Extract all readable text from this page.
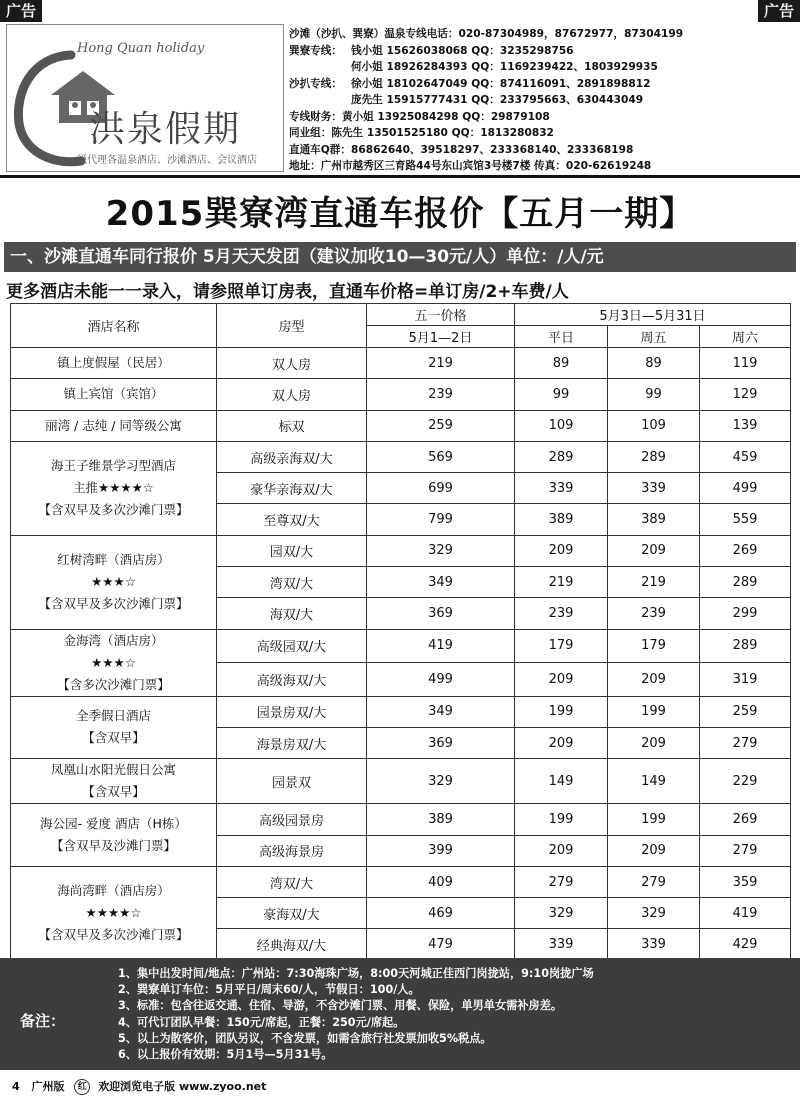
广告	广告
Hong Quan holiday
洪泉假期
一级代理各温泉酒店、沙滩酒店、会议酒店
沙滩（沙扒、巽寮）温泉专线电话：020-87304989，87672977，87304199
巽寮专线： 钱小姐 15626038068 QQ：3235298756
何小姐 18926284393 QQ：1169239422、1803929935
沙扒专线： 徐小姐 18102647049 QQ：874116091、2891898812
庞先生 15915777431 QQ：233795663、630443049
专线财务：黄小姐 13925084298 QQ：29879108
同业组：陈先生 13501525180 QQ：1813280832
直通车Q群：86862640、39518297、233368140、233368198
地址：广州市越秀区三育路44号东山宾馆3号楼7楼 传真：020-62619248
2015巽寮湾直通车报价【五月一期】
一、沙滩直通车同行报价 5月天天发团（建议加收10—30元/人）单位：/人/元
更多酒店未能一一录入，请参照单订房表，直通车价格=单订房/2+车费/人
酒店名称	房型	五一价格	5月3日—5月31日		
		5月1—2日	平日	周五	周六

镇上度假屋（民居）	双人房	219	89	89	119

镇上宾馆（宾馆）	双人房	239	99	99	129

丽湾 / 志纯 / 同等级公寓	标双	259	109	109	139

海王子维景学习型酒店
主推★★★★☆
【含双早及多次沙滩门票】	高级亲海双/大	569	289	289	459
	豪华亲海双/大	699	339	339	499
	至尊双/大	799	389	389	559

红树湾畔（酒店房）
★★★☆
【含双早及多次沙滩门票】	园双/大	329	209	209	269
	湾双/大	349	219	219	289
	海双/大	369	239	239	299

金海湾（酒店房）
★★★☆
【含多次沙滩门票】	高级园双/大	419	179	179	289
	高级海双/大	499	209	209	319

全季假日酒店
【含双早】	园景房双/大	349	199	199	259
	海景房双/大	369	209	209	279

凤凰山水阳光假日公寓
【含双早】	园景双	329	149	149	229

海公园- 爱度 酒店（H栋）
【含双早及沙滩门票】	高级园景房	389	199	199	269
	高级海景房	399	209	209	279

海尚湾畔（酒店房）
★★★★☆
【含双早及多次沙滩门票】	湾双/大	409	279	279	359
	豪海双/大	469	329	329	419
	经典海双/大	479	339	339	429
备注：
1、集中出发时间/地点：广州站：7:30海珠广场，8:00天河城正佳西门岗拢站，9:10岗拢广场
2、巽寮单订车位：5月平日/周末60/人，节假日：100/人。
3、标准：包含往返交通、住宿、导游，不含沙滩门票、用餐、保险，单男单女需补房差。
4、可代订团队早餐：150元/席起，正餐：250元/席起。
5、以上为散客价，团队另议，不含发票，如需含旅行社发票加收5%税点。
6、以上报价有效期：5月1号—5月31号。
4 广州版 红 欢迎浏览电子版 www.zyoo.net
